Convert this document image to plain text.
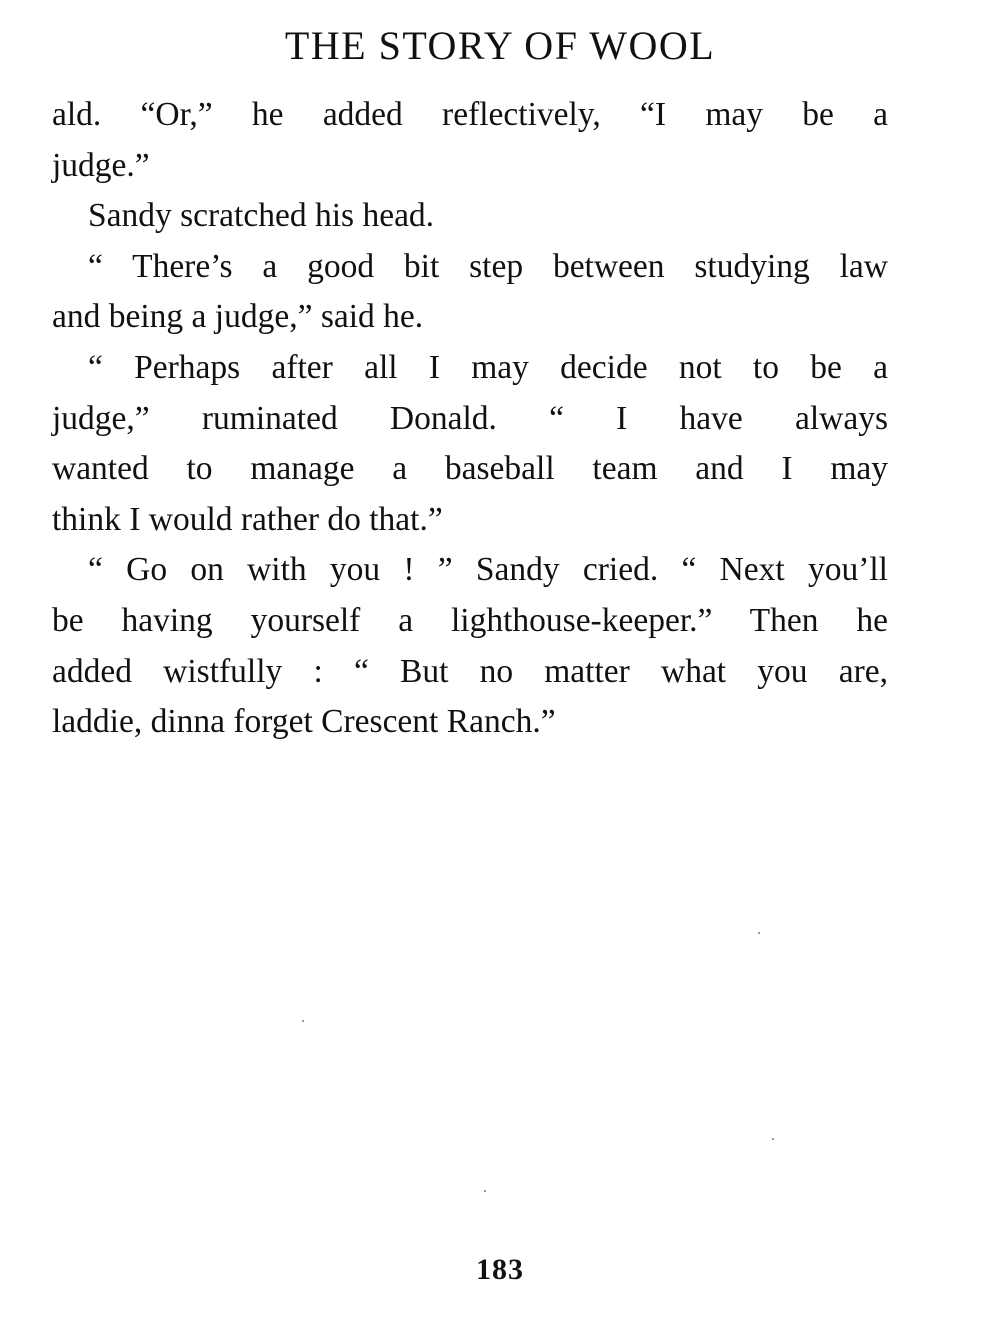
THE STORY OF WOOL
ald. “Or,” he added reflectively, “I may be a
judge.”
Sandy scratched his head.
“ There’s a good bit step between studying law
and being a judge,” said he.
“ Perhaps after all I may decide not to be a
judge,” ruminated Donald. “ I have always
wanted to manage a baseball team and I may
think I would rather do that.”
“ Go on with you ! ” Sandy cried. “ Next you’ll
be having yourself a lighthouse-keeper.” Then he
added wistfully : “ But no matter what you are,
laddie, dinna forget Crescent Ranch.”
183
